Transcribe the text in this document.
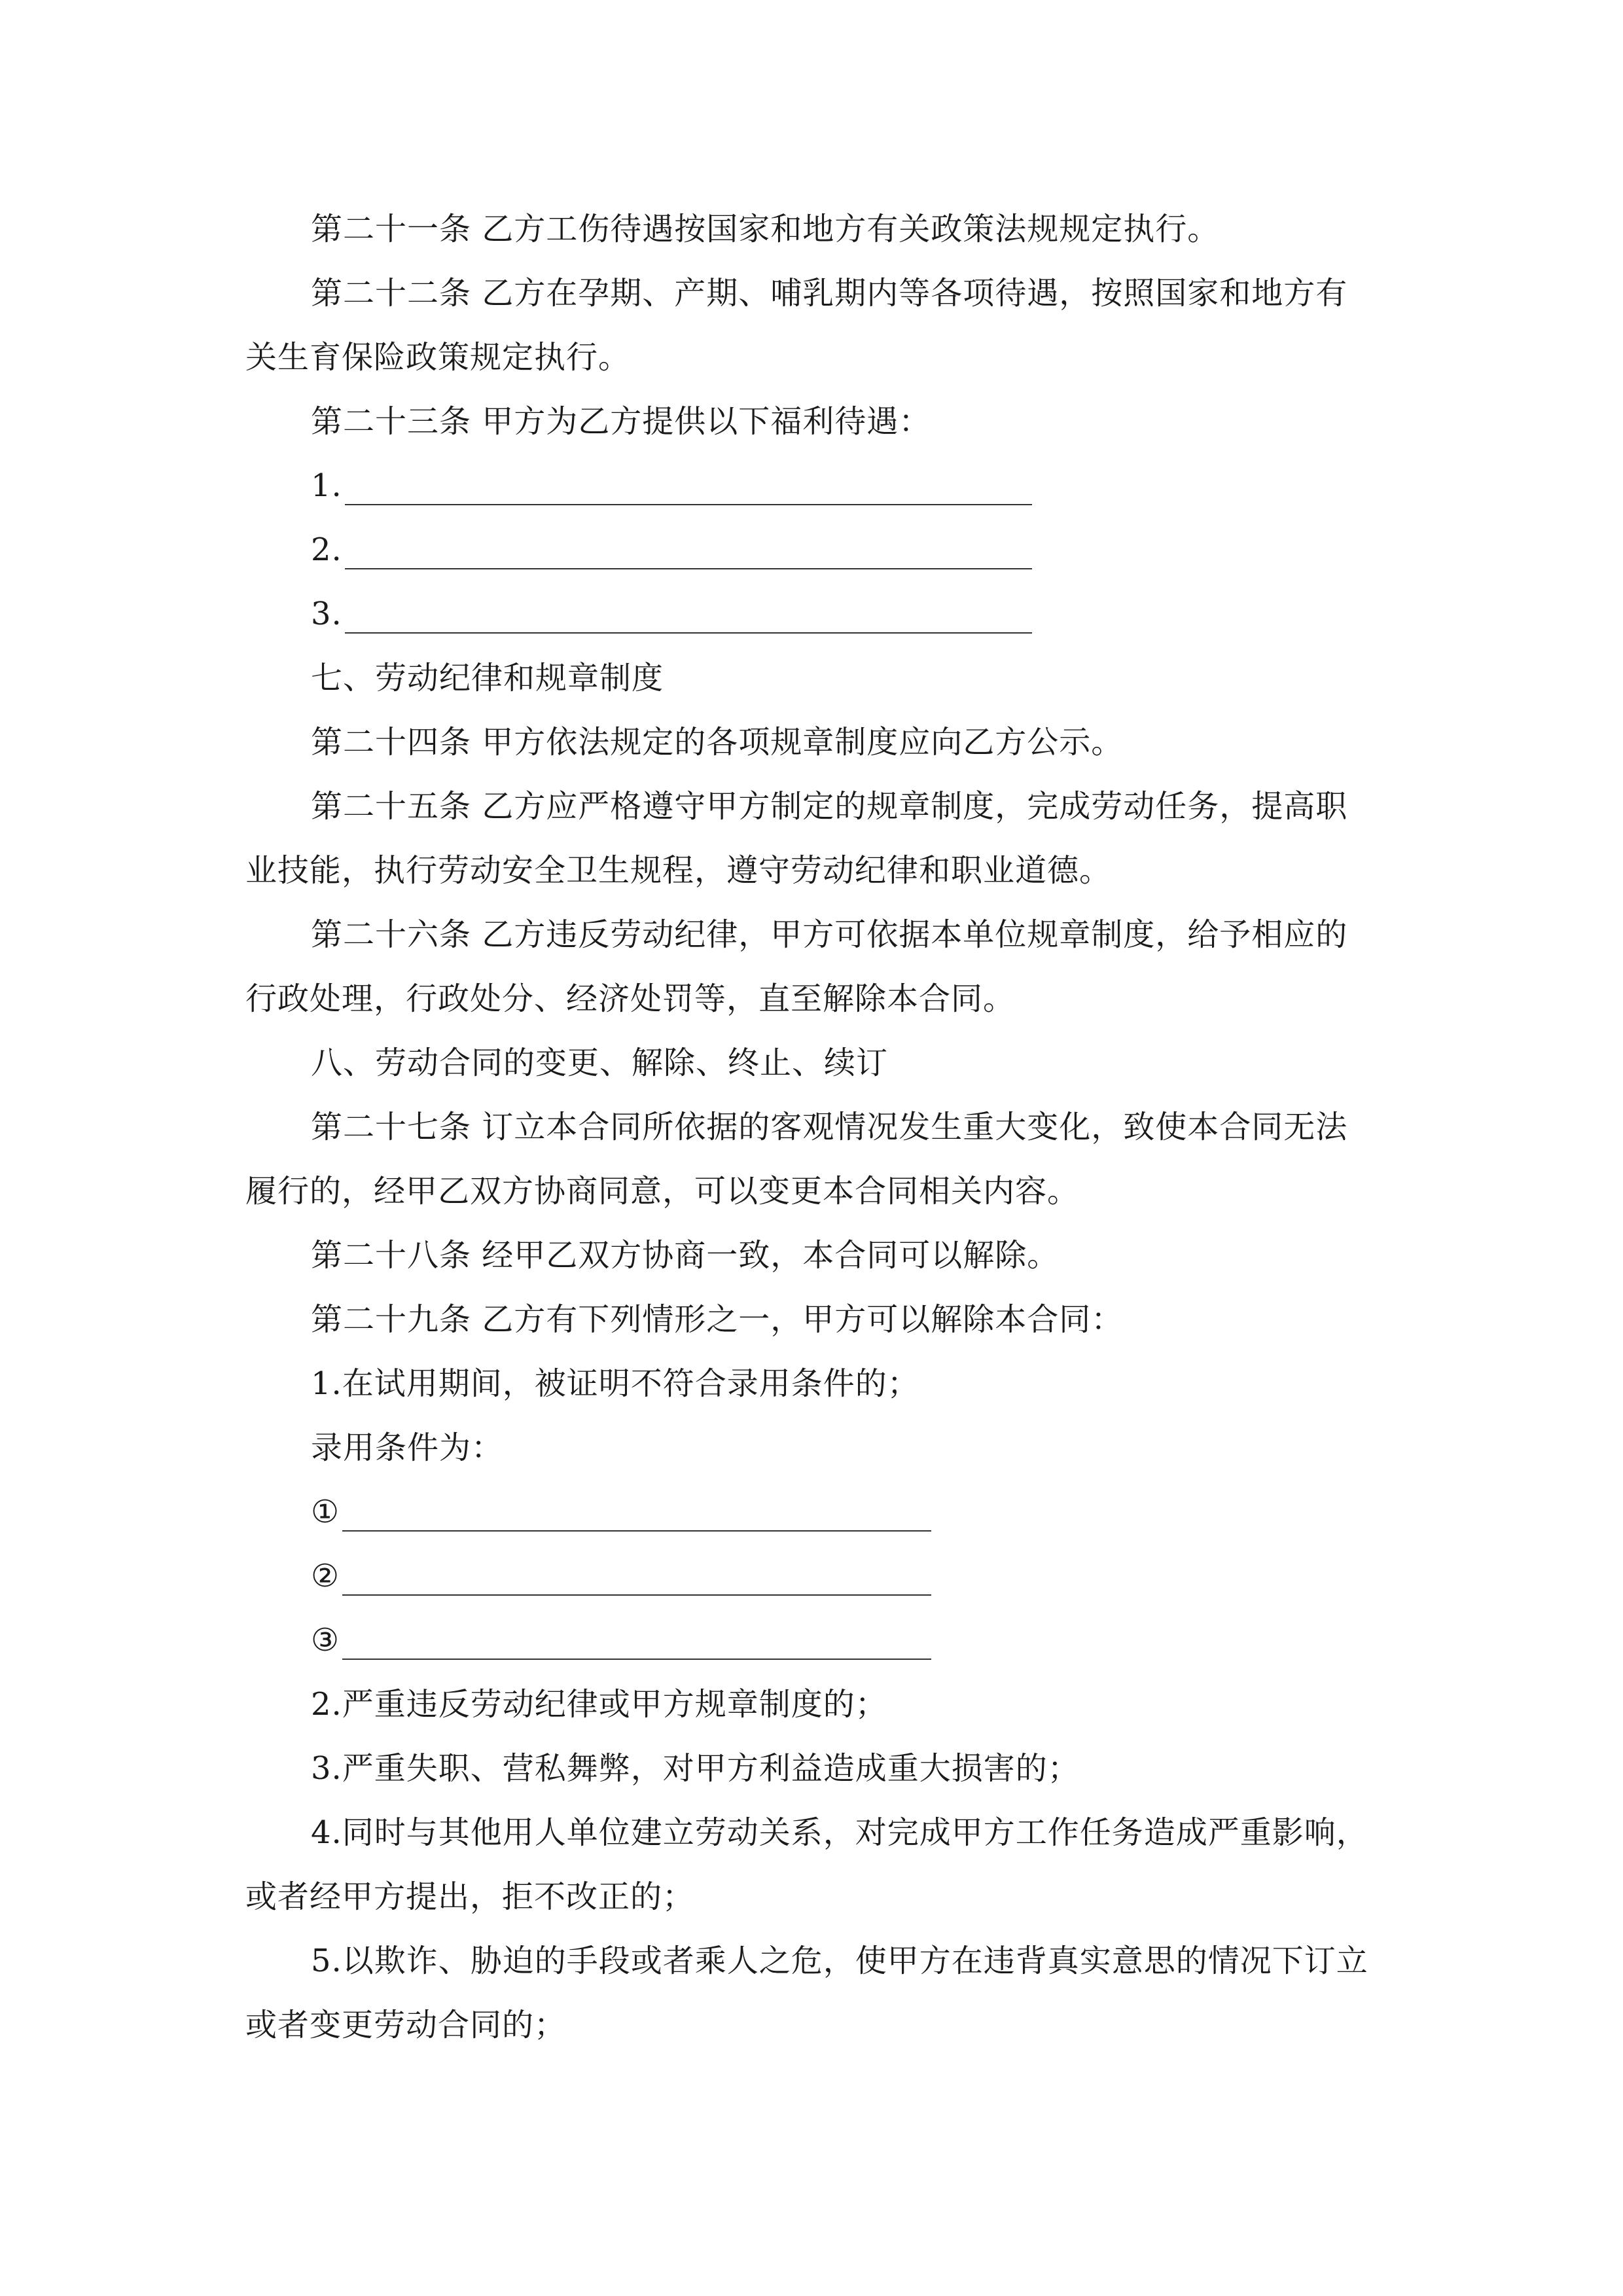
第二十一条 乙方工伤待遇按国家和地方有关政策法规规定执行。
第二十二条 乙方在孕期、产期、哺乳期内等各项待遇，按照国家和地方有
关生育保险政策规定执行。
第二十三条 甲方为乙方提供以下福利待遇：
1.
2.
3.
七、劳动纪律和规章制度
第二十四条 甲方依法规定的各项规章制度应向乙方公示。
第二十五条 乙方应严格遵守甲方制定的规章制度，完成劳动任务，提高职
业技能，执行劳动安全卫生规程，遵守劳动纪律和职业道德。
第二十六条 乙方违反劳动纪律，甲方可依据本单位规章制度，给予相应的
行政处理，行政处分、经济处罚等，直至解除本合同。
八、劳动合同的变更、解除、终止、续订
第二十七条 订立本合同所依据的客观情况发生重大变化，致使本合同无法
履行的，经甲乙双方协商同意，可以变更本合同相关内容。
第二十八条 经甲乙双方协商一致，本合同可以解除。
第二十九条 乙方有下列情形之一，甲方可以解除本合同：
1.在试用期间，被证明不符合录用条件的；
录用条件为：
①
②
③
2.严重违反劳动纪律或甲方规章制度的；
3.严重失职、营私舞弊，对甲方利益造成重大损害的；
4.同时与其他用人单位建立劳动关系，对完成甲方工作任务造成严重影响，
或者经甲方提出，拒不改正的；
5.以欺诈、胁迫的手段或者乘人之危，使甲方在违背真实意思的情况下订立
或者变更劳动合同的；
